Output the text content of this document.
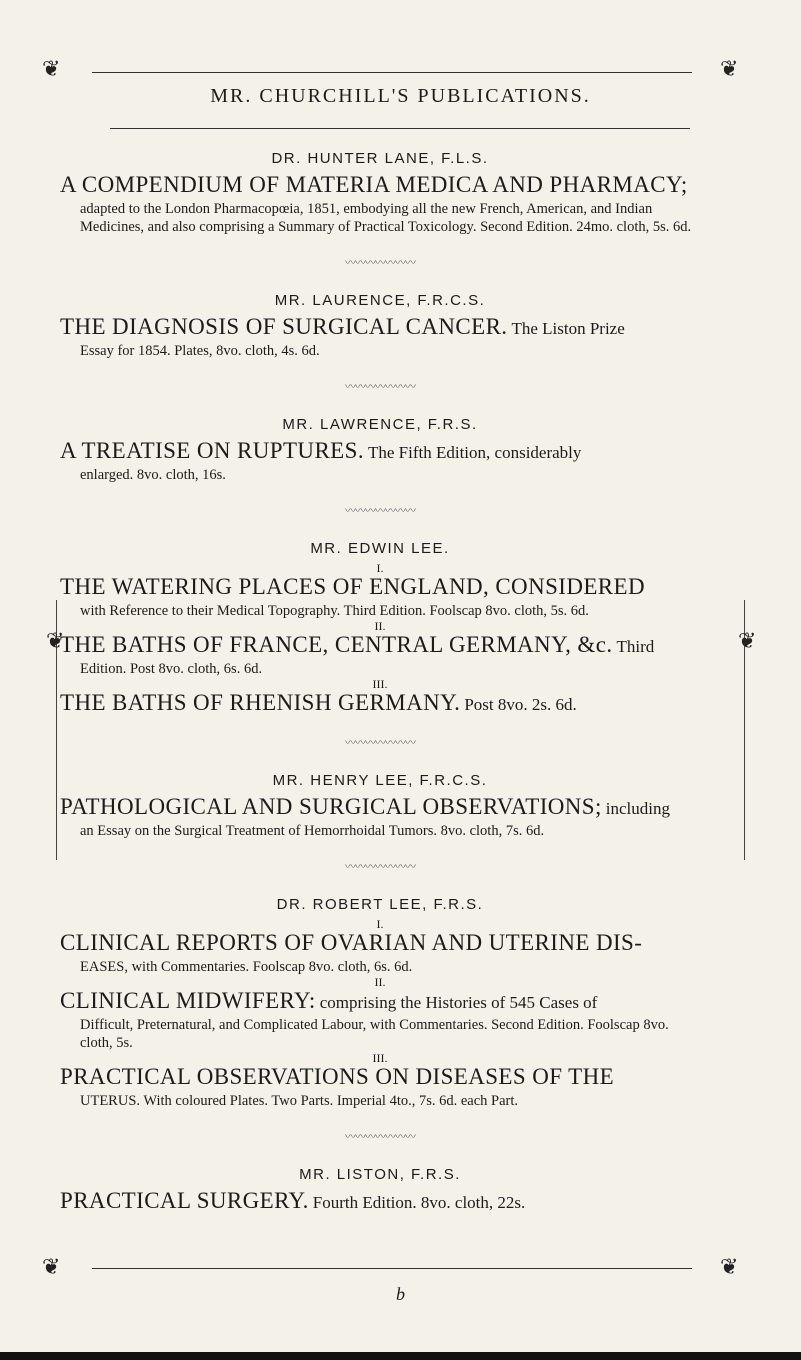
❦	❦
❦	❦
❦	❦
MR. CHURCHILL'S PUBLICATIONS.
DR. HUNTER LANE, F.L.S.
A COMPENDIUM OF MATERIA MEDICA AND PHARMACY;
adapted to the London Pharmacopœia, 1851, embodying all the new French, American, and Indian Medicines, and also comprising a Summary of Practical Toxicology. Second Edition. 24mo. cloth, 5s. 6d.
〰〰〰〰〰〰〰
MR. LAURENCE, F.R.C.S.
THE DIAGNOSIS OF SURGICAL CANCER. The Liston Prize
Essay for 1854. Plates, 8vo. cloth, 4s. 6d.
〰〰〰〰〰〰〰
MR. LAWRENCE, F.R.S.
A TREATISE ON RUPTURES. The Fifth Edition, considerably
enlarged. 8vo. cloth, 16s.
〰〰〰〰〰〰〰
MR. EDWIN LEE.
I.
THE WATERING PLACES OF ENGLAND, CONSIDERED
with Reference to their Medical Topography. Third Edition. Foolscap 8vo. cloth, 5s. 6d.
II.
THE BATHS OF FRANCE, CENTRAL GERMANY, &c. Third
Edition. Post 8vo. cloth, 6s. 6d.
III.
THE BATHS OF RHENISH GERMANY. Post 8vo. 2s. 6d.
〰〰〰〰〰〰〰
MR. HENRY LEE, F.R.C.S.
PATHOLOGICAL AND SURGICAL OBSERVATIONS; including
an Essay on the Surgical Treatment of Hemorrhoidal Tumors. 8vo. cloth, 7s. 6d.
〰〰〰〰〰〰〰
DR. ROBERT LEE, F.R.S.
I.
CLINICAL REPORTS OF OVARIAN AND UTERINE DIS-
EASES, with Commentaries. Foolscap 8vo. cloth, 6s. 6d.
II.
CLINICAL MIDWIFERY: comprising the Histories of 545 Cases of
Difficult, Preternatural, and Complicated Labour, with Commentaries. Second Edition. Foolscap 8vo. cloth, 5s.
III.
PRACTICAL OBSERVATIONS ON DISEASES OF THE
UTERUS. With coloured Plates. Two Parts. Imperial 4to., 7s. 6d. each Part.
〰〰〰〰〰〰〰
MR. LISTON, F.R.S.
PRACTICAL SURGERY. Fourth Edition. 8vo. cloth, 22s.
b
